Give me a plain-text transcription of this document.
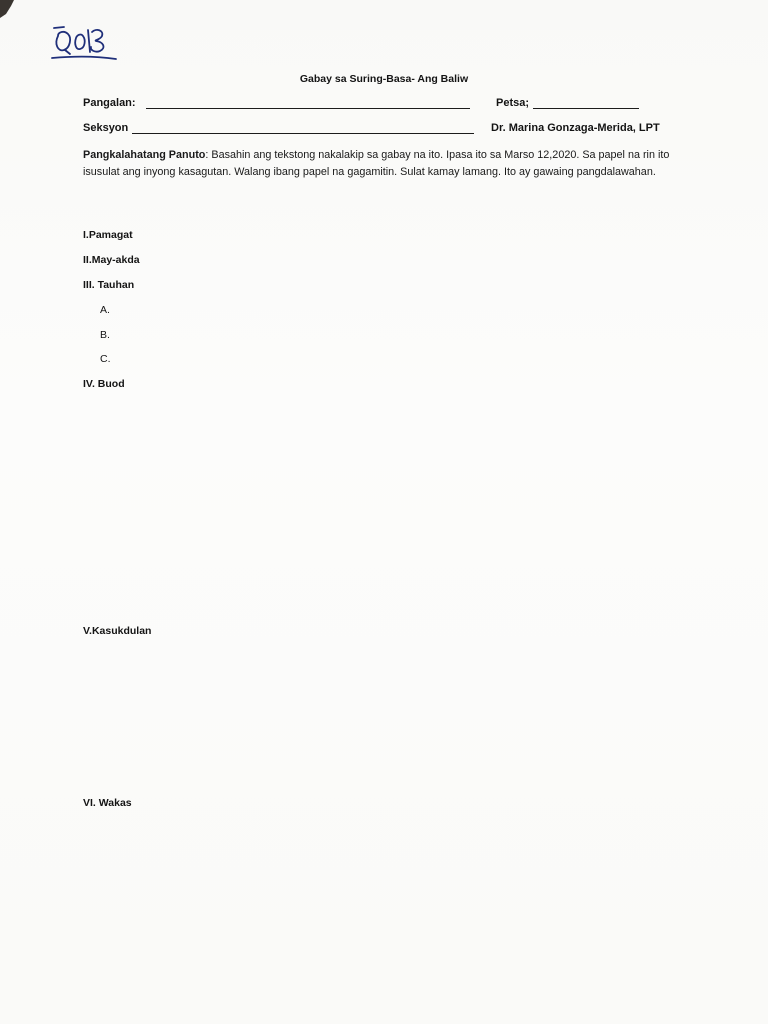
Gabay sa Suring-Basa- Ang Baliw
Pangalan:	Petsa;
Seksyon	Dr. Marina Gonzaga-Merida, LPT
Pangkalahatang Panuto: Basahin ang tekstong nakalakip sa gabay na ito. Ipasa ito sa Marso 12,2020. Sa papel na rin ito isusulat ang inyong kasagutan. Walang ibang papel na gagamitin. Sulat kamay lamang. Ito ay gawaing pangdalawahan.
I.Pamagat
II.May-akda
III. Tauhan
A.
B.
C.
IV. Buod
V.Kasukdulan
VI. Wakas
